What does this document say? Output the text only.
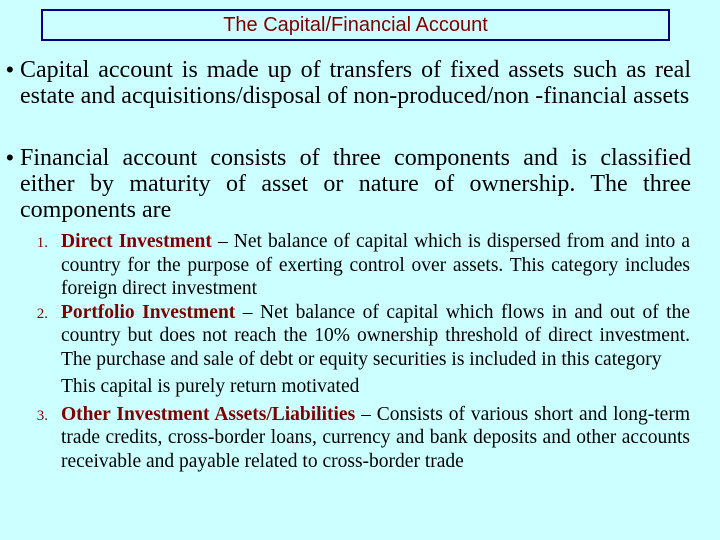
The Capital/Financial Account
• Capital account is made up of transfers of fixed assets such as real estate and acquisitions/disposal of non-produced/non -financial assets
• Financial account consists of three components and is classified either by maturity of asset or nature of ownership. The three components are
1. Direct Investment – Net balance of capital which is dispersed from and into a country for the purpose of exerting control over assets. This category includes foreign direct investment
2. Portfolio Investment – Net balance of capital which flows in and out of the country but does not reach the 10% ownership threshold of direct investment. The purchase and sale of debt or equity securities is included in this category
This capital is purely return motivated
3. Other Investment Assets/Liabilities – Consists of various short and long-term trade credits, cross-border loans, currency and bank deposits and other accounts receivable and payable related to cross-border trade
